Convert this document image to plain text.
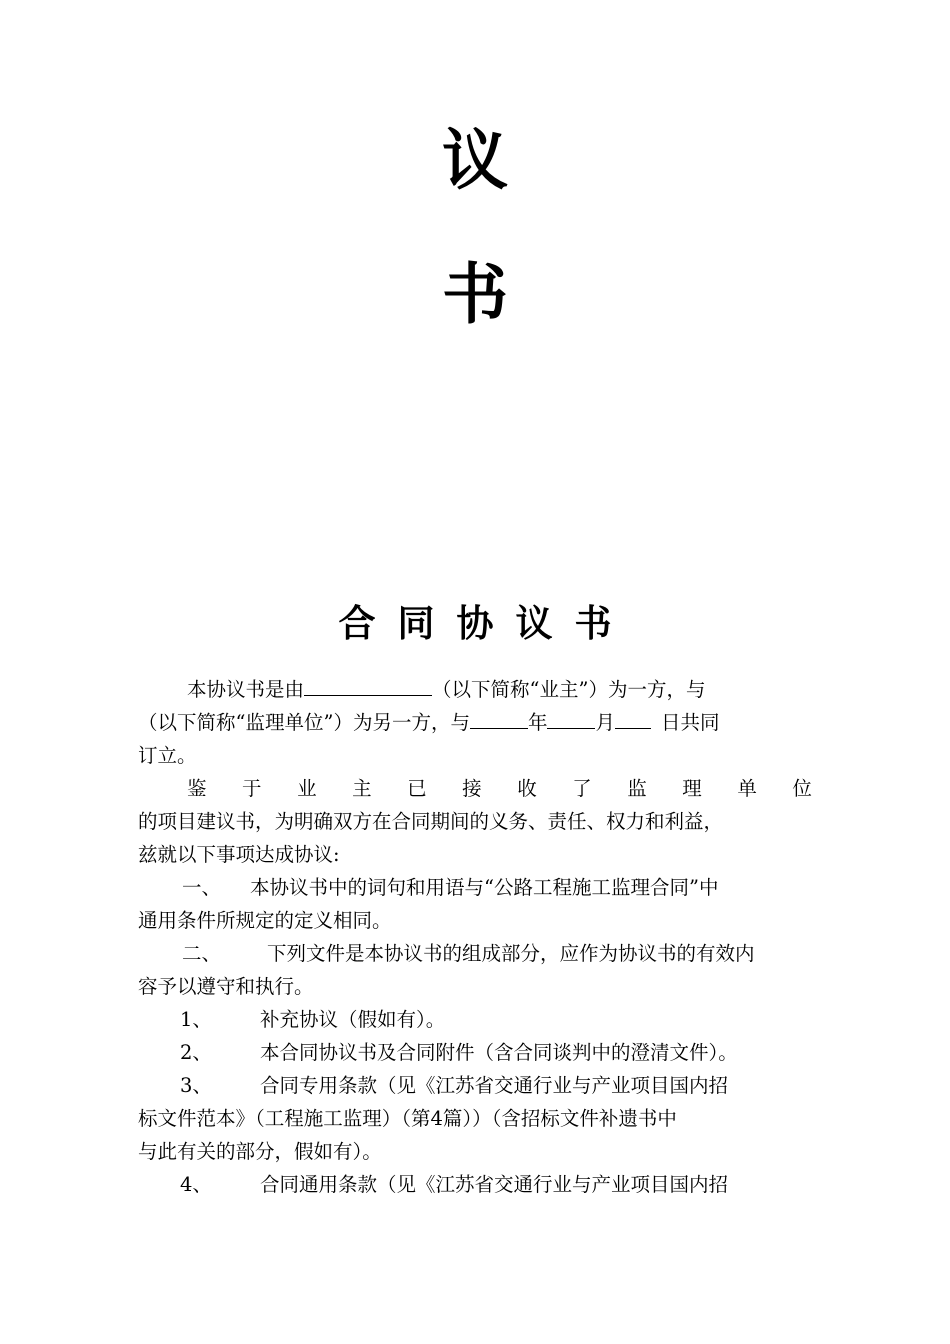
议
书
合同协议书
本协议书是由	（以下简称“业主”）为一方，与
（以下简称“监理单位”）为另一方，与	年 月 日共同
订立。
鉴 于 业 主 已 接 收 了 监 理 单 位
的项目建议书，为明确双方在合同期间的义务、责任、权力和利益，
兹就以下事项达成协议:
一、 本协议书中的词句和用语与“公路工程施工监理合同”中
通用条件所规定的定义相同。
二、 下列文件是本协议书的组成部分，应作为协议书的有效内
容予以遵守和执行。
1、 补充协议（假如有）。
2、 本合同协议书及合同附件（含合同谈判中的澄清文件）。
3、 合同专用条款（见《江苏省交通行业与产业项目国内招
标文件范本》（工程施工监理）（第4篇））（含招标文件补遗书中
与此有关的部分，假如有）。
4、 合同通用条款（见《江苏省交通行业与产业项目国内招
